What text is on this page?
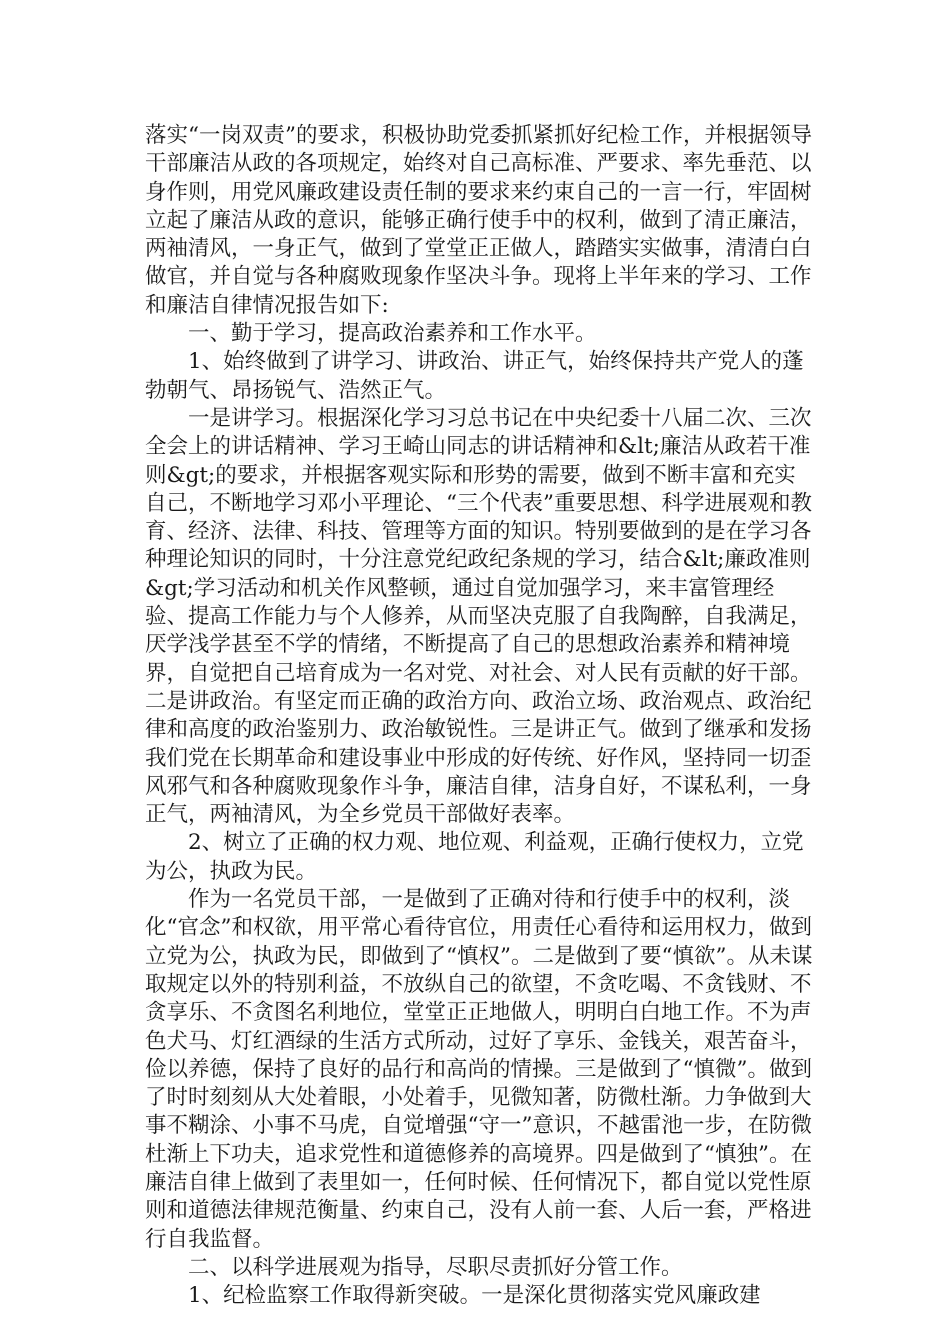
落实“一岗双责”的要求，积极协助党委抓紧抓好纪检工作，并根据领导干部廉洁从政的各项规定，始终对自己高标准、严要求、率先垂范、以身作则，用党风廉政建设责任制的要求来约束自己的一言一行，牢固树立起了廉洁从政的意识，能够正确行使手中的权利，做到了清正廉洁，两袖清风，一身正气，做到了堂堂正正做人，踏踏实实做事，清清白白做官，并自觉与各种腐败现象作坚决斗争。现将上半年来的学习、工作和廉洁自律情况报告如下:

一、勤于学习，提高政治素养和工作水平。

1、始终做到了讲学习、讲政治、讲正气，始终保持共产党人的蓬勃朝气、昂扬锐气、浩然正气。

一是讲学习。根据深化学习习总书记在中央纪委十八届二次、三次全会上的讲话精神、学习王崎山同志的讲话精神和&lt;廉洁从政若干准则&gt;的要求，并根据客观实际和形势的需要，做到不断丰富和充实自己，不断地学习邓小平理论、“三个代表”重要思想、科学进展观和教育、经济、法律、科技、管理等方面的知识。特别要做到的是在学习各种理论知识的同时，十分注意党纪政纪条规的学习，结合&lt;廉政准则&gt;学习活动和机关作风整顿，通过自觉加强学习，来丰富管理经验、提高工作能力与个人修养，从而坚决克服了自我陶醉，自我满足，厌学浅学甚至不学的情绪，不断提高了自己的思想政治素养和精神境界，自觉把自己培育成为一名对党、对社会、对人民有贡献的好干部。二是讲政治。有坚定而正确的政治方向、政治立场、政治观点、政治纪律和高度的政治鉴别力、政治敏锐性。三是讲正气。做到了继承和发扬我们党在长期革命和建设事业中形成的好传统、好作风，坚持同一切歪风邪气和各种腐败现象作斗争，廉洁自律，洁身自好，不谋私利，一身正气，两袖清风，为全乡党员干部做好表率。

2、树立了正确的权力观、地位观、利益观，正确行使权力，立党为公，执政为民。

作为一名党员干部，一是做到了正确对待和行使手中的权利，淡化“官念”和权欲，用平常心看待官位，用责任心看待和运用权力，做到立党为公，执政为民，即做到了“慎权”。二是做到了要“慎欲”。从未谋取规定以外的特别利益，不放纵自己的欲望，不贪吃喝、不贪钱财、不贪享乐、不贪图名利地位，堂堂正正地做人，明明白白地工作。不为声色犬马、灯红酒绿的生活方式所动，过好了享乐、金钱关，艰苦奋斗，俭以养德，保持了良好的品行和高尚的情操。三是做到了“慎微”。做到了时时刻刻从大处着眼，小处着手，见微知著，防微杜渐。力争做到大事不糊涂、小事不马虎，自觉增强“守一”意识，不越雷池一步，在防微杜渐上下功夫，追求党性和道德修养的高境界。四是做到了“慎独”。在廉洁自律上做到了表里如一，任何时候、任何情况下，都自觉以党性原则和道德法律规范衡量、约束自己，没有人前一套、人后一套，严格进行自我监督。

二、以科学进展观为指导，尽职尽责抓好分管工作。

1、纪检监察工作取得新突破。一是深化贯彻落实党风廉政建
